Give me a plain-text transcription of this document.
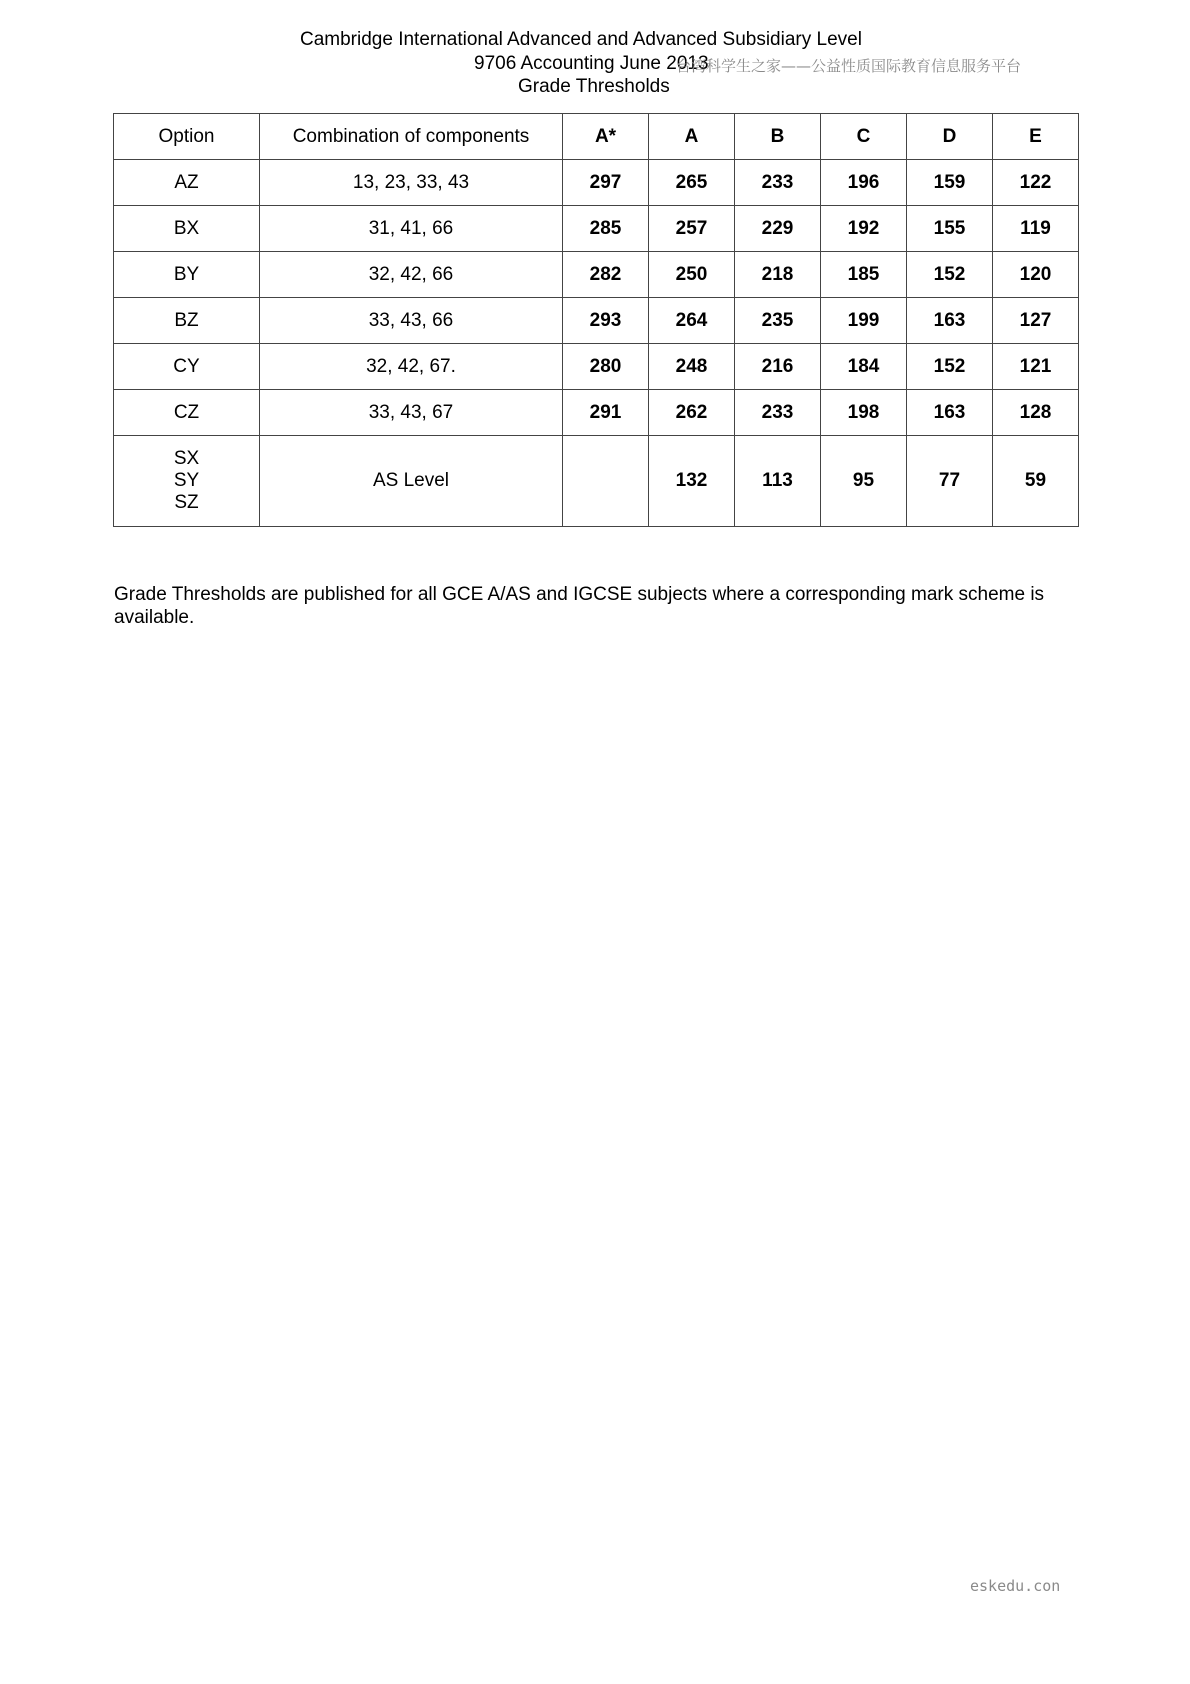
Cambridge International Advanced and Advanced Subsidiary Level
9706 Accounting June 2013
Grade Thresholds
台湾科学生之家——公益性质国际教育信息服务平台
Option	Combination of components	A*	A	B	C	D	E
AZ	13, 23, 33, 43	297	265	233	196	159	122
BX	31, 41, 66	285	257	229	192	155	119
BY	32, 42, 66	282	250	218	185	152	120
BZ	33, 43, 66	293	264	235	199	163	127
CY	32, 42, 67.	280	248	216	184	152	121
CZ	33, 43, 67	291	262	233	198	163	128

SX
SY
SZ	AS Level		132	113	95	77	59
Grade Thresholds are published for all GCE A/AS and IGCSE subjects where a corresponding mark scheme is available.
eskedu.con
